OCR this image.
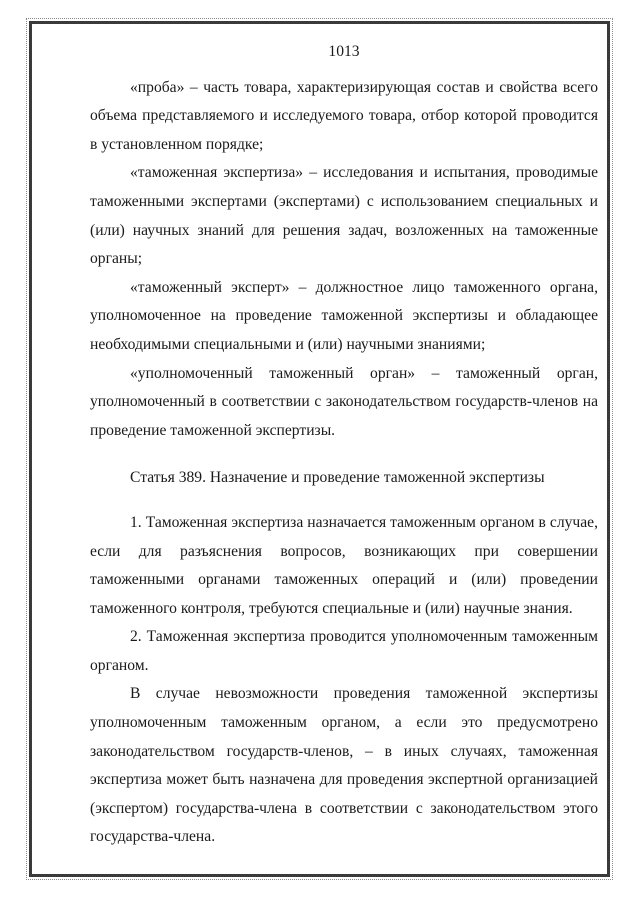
1013

«проба» – часть товара, характеризирующая состав и свойства всего объема представляемого и исследуемого товара, отбор которой проводится в установленном порядке;

«таможенная экспертиза» – исследования и испытания, проводимые таможенными экспертами (экспертами) с использованием специальных и (или) научных знаний для решения задач, возложенных на таможенные органы;

«таможенный эксперт» – должностное лицо таможенного органа, уполномоченное на проведение таможенной экспертизы и обладающее необходимыми специальными и (или) научными знаниями;

«уполномоченный таможенный орган» – таможенный орган, уполномоченный в соответствии с законодательством государств-членов на проведение таможенной экспертизы.

Статья 389. Назначение и проведение таможенной экспертизы

1. Таможенная экспертиза назначается таможенным органом в случае, если для разъяснения вопросов, возникающих при совершении таможенными органами таможенных операций и (или) проведении таможенного контроля, требуются специальные и (или) научные знания.

2. Таможенная экспертиза проводится уполномоченным таможенным органом.

В случае невозможности проведения таможенной экспертизы уполномоченным таможенным органом, а если это предусмотрено законодательством государств-членов, – в иных случаях, таможенная экспертиза может быть назначена для проведения экспертной организацией (экспертом) государства-члена в соответствии с законодательством этого государства-члена.
